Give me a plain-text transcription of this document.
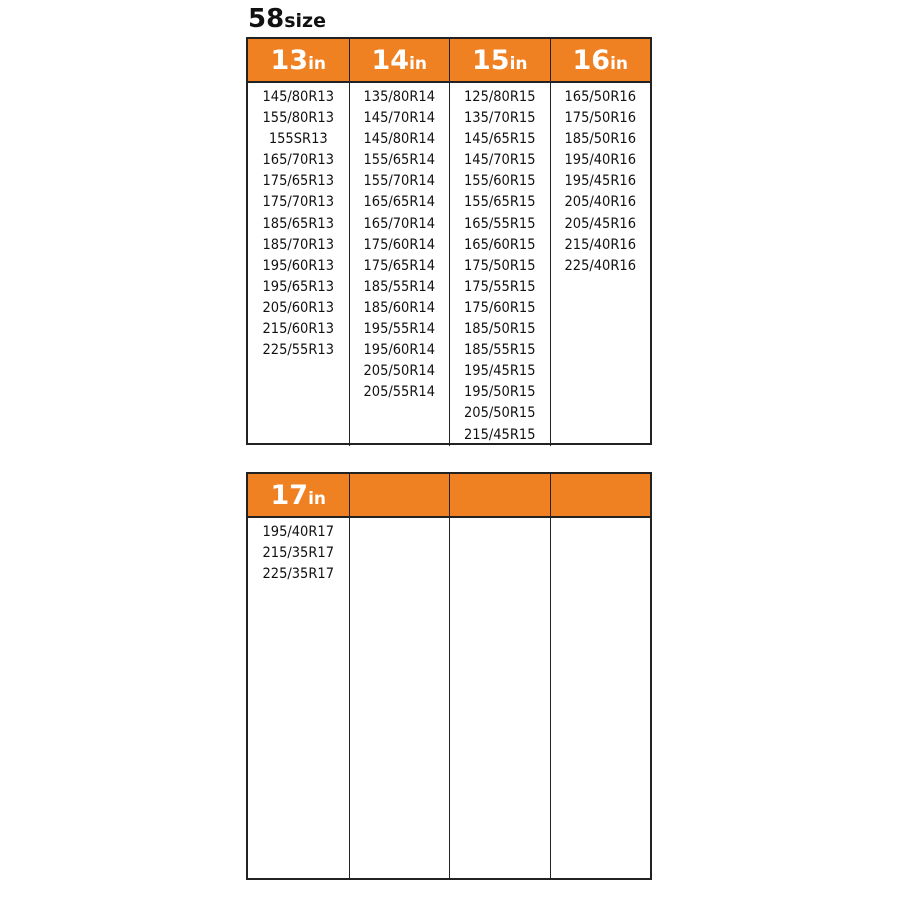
58 size
13 in
145/80R13
155/80R13
155SR13
165/70R13
175/65R13
175/70R13
185/65R13
185/70R13
195/60R13
195/65R13
205/60R13
215/60R13
225/55R13
14 in
135/80R14
145/70R14
145/80R14
155/65R14
155/70R14
165/65R14
165/70R14
175/60R14
175/65R14
185/55R14
185/60R14
195/55R14
195/60R14
205/50R14
205/55R14
15 in
125/80R15
135/70R15
145/65R15
145/70R15
155/60R15
155/65R15
165/55R15
165/60R15
175/50R15
175/55R15
175/60R15
185/50R15
185/55R15
195/45R15
195/50R15
205/50R15
215/45R15
16 in
165/50R16
175/50R16
185/50R16
195/40R16
195/45R16
205/40R16
205/45R16
215/40R16
225/40R16
17 in
195/40R17
215/35R17
225/35R17
